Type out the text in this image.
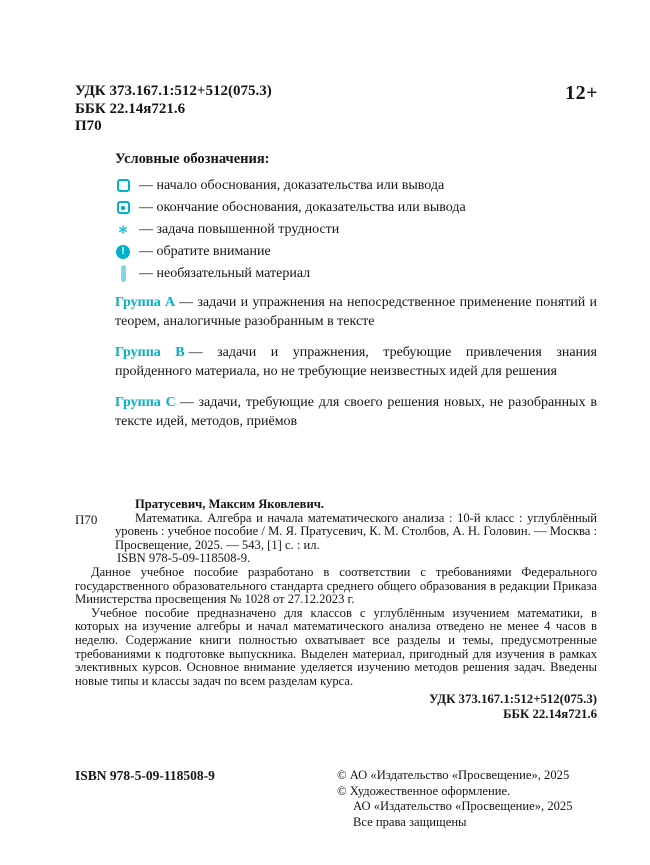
УДК 373.167.1:512+512(075.3)
ББК 22.14я721.6
П70
12+
Условные обозначения:
— начало обоснования, доказательства или вывода
— окончание обоснования, доказательства или вывода
∗ — задача повышенной трудности
! — обратите внимание
— необязательный материал

Группа А — задачи и упражнения на непосредственное применение понятий и теорем, аналогичные разобранным в тексте

Группа В — задачи и упражнения, требующие привлечения знания пройденного материала, но не требующие неизвестных идей для решения

Группа С — задачи, требующие для своего решения новых, не разобранных в тексте идей, методов, приёмов

Пратусевич, Максим Яковлевич.
П70	Математика. Алгебра и начала математического анализа : 10-й класс : углублённый уровень : учебное пособие / М. Я. Пратусевич, К. М. Столбов, А. Н. Головин. — Москва : Просвещение, 2025. — 543, [1] с. : ил.

ISBN 978-5-09-118508-9.

Данное учебное пособие разработано в соответствии с требованиями Федерального государственного образовательного стандарта среднего общего образования в редакции Приказа Министерства просвещения № 1028 от 27.12.2023 г.

Учебное пособие предназначено для классов с углублённым изучением математики, в которых на изучение алгебры и начал математического анализа отведено не менее 4 часов в неделю. Содержание книги полностью охватывает все разделы и темы, предусмотренные требованиями к подготовке выпускника. Выделен материал, пригодный для изучения в рамках элективных курсов. Основное внимание уделяется изучению методов решения задач. Введены новые типы и классы задач по всем разделам курса.

УДК 373.167.1:512+512(075.3)
ББК 22.14я721.6
ISBN 978-5-09-118508-9	© АО «Издательство «Просвещение», 2025
© Художественное оформление.
АО «Издательство «Просвещение», 2025
Все права защищены
